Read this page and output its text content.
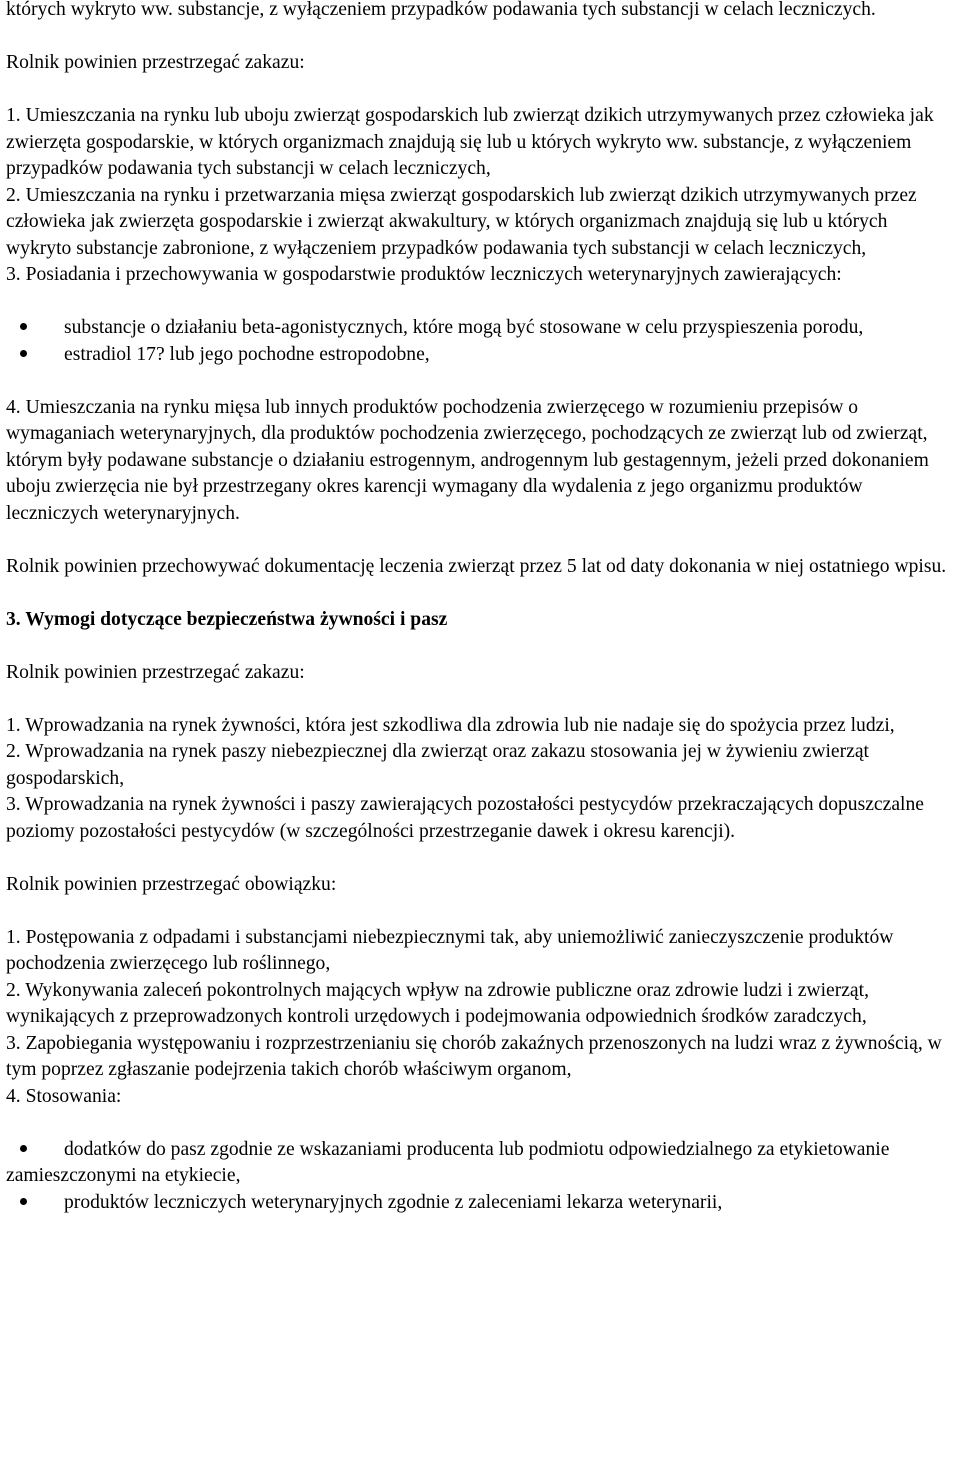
których wykryto ww. substancje, z wyłączeniem przypadków podawania tych substancji w celach leczniczych.

Rolnik powinien przestrzegać zakazu:

1. Umieszczania na rynku lub uboju zwierząt gospodarskich lub zwierząt dzikich utrzymywanych przez człowieka jak zwierzęta gospodarskie, w których organizmach znajdują się lub u których wykryto ww. substancje, z wyłączeniem przypadków podawania tych substancji w celach leczniczych,

2. Umieszczania na rynku i przetwarzania mięsa zwierząt gospodarskich lub zwierząt dzikich utrzymywanych przez człowieka jak zwierzęta gospodarskie i zwierząt akwakultury, w których organizmach znajdują się lub u których wykryto substancje zabronione, z wyłączeniem przypadków podawania tych substancji w celach leczniczych,

3. Posiadania i przechowywania w gospodarstwie produktów leczniczych weterynaryjnych zawierających:

substancje o działaniu beta-agonistycznych, które mogą być stosowane w celu przyspieszenia porodu,
estradiol 17? lub jego pochodne estropodobne,

4. Umieszczania na rynku mięsa lub innych produktów pochodzenia zwierzęcego w rozumieniu przepisów o wymaganiach weterynaryjnych, dla produktów pochodzenia zwierzęcego, pochodzących ze zwierząt lub od zwierząt, którym były podawane substancje o działaniu estrogennym, androgennym lub gestagennym, jeżeli przed dokonaniem uboju zwierzęcia nie był przestrzegany okres karencji wymagany dla wydalenia z jego organizmu produktów leczniczych weterynaryjnych.

Rolnik powinien przechowywać dokumentację leczenia zwierząt przez 5 lat od daty dokonania w niej ostatniego wpisu.

3. Wymogi dotyczące bezpieczeństwa żywności i pasz

Rolnik powinien przestrzegać zakazu:

1. Wprowadzania na rynek żywności, która jest szkodliwa dla zdrowia lub nie nadaje się do spożycia przez ludzi,

2. Wprowadzania na rynek paszy niebezpiecznej dla zwierząt oraz zakazu stosowania jej w żywieniu zwierząt gospodarskich,

3. Wprowadzania na rynek żywności i paszy zawierających pozostałości pestycydów przekraczających dopuszczalne poziomy pozostałości pestycydów (w szczególności przestrzeganie dawek i okresu karencji).

Rolnik powinien przestrzegać obowiązku:

1. Postępowania z odpadami i substancjami niebezpiecznymi tak, aby uniemożliwić zanieczyszczenie produktów pochodzenia zwierzęcego lub roślinnego,

2. Wykonywania zaleceń pokontrolnych mających wpływ na zdrowie publiczne oraz zdrowie ludzi i zwierząt, wynikających z przeprowadzonych kontroli urzędowych i podejmowania odpowiednich środków zaradczych,

3. Zapobiegania występowaniu i rozprzestrzenianiu się chorób zakaźnych przenoszonych na ludzi wraz z żywnością, w tym poprzez zgłaszanie podejrzenia takich chorób właściwym organom,

4. Stosowania:

dodatków do pasz zgodnie ze wskazaniami producenta lub podmiotu odpowiedzialnego za etykietowanie zamieszczonymi na etykiecie,
produktów leczniczych weterynaryjnych zgodnie z zaleceniami lekarza weterynarii,
